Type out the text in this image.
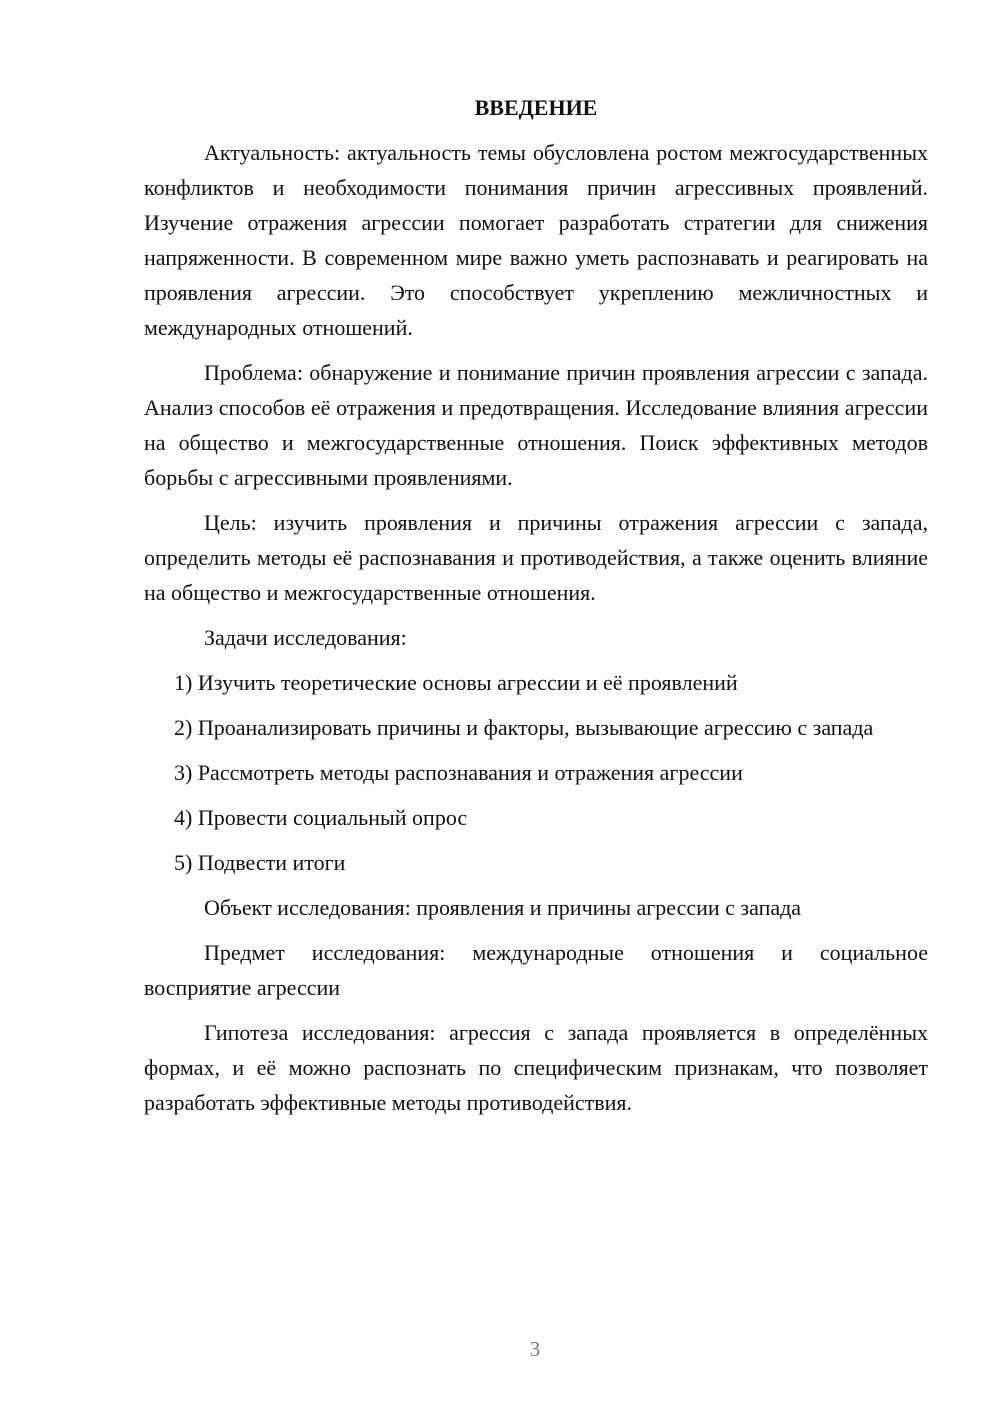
ВВЕДЕНИЕ

Актуальность: актуальность темы обусловлена ростом межгосударственных конфликтов и необходимости понимания причин агрессивных проявлений. Изучение отражения агрессии помогает разработать стратегии для снижения напряженности. В современном мире важно уметь распознавать и реагировать на проявления агрессии. Это способствует укреплению межличностных и международных отношений.

Проблема: обнаружение и понимание причин проявления агрессии с запада. Анализ способов её отражения и предотвращения. Исследование влияния агрессии на общество и межгосударственные отношения. Поиск эффективных методов борьбы с агрессивными проявлениями.

Цель: изучить проявления и причины отражения агрессии с запада, определить методы её распознавания и противодействия, а также оценить влияние на общество и межгосударственные отношения.

Задачи исследования:

1) Изучить теоретические основы агрессии и её проявлений

2) Проанализировать причины и факторы, вызывающие агрессию с запада

3) Рассмотреть методы распознавания и отражения агрессии

4) Провести социальный опрос

5) Подвести итоги

Объект исследования: проявления и причины агрессии с запада

Предмет исследования: международные отношения и социальное восприятие агрессии

Гипотеза исследования: агрессия с запада проявляется в определённых формах, и её можно распознать по специфическим признакам, что позволяет разработать эффективные методы противодействия.

3
